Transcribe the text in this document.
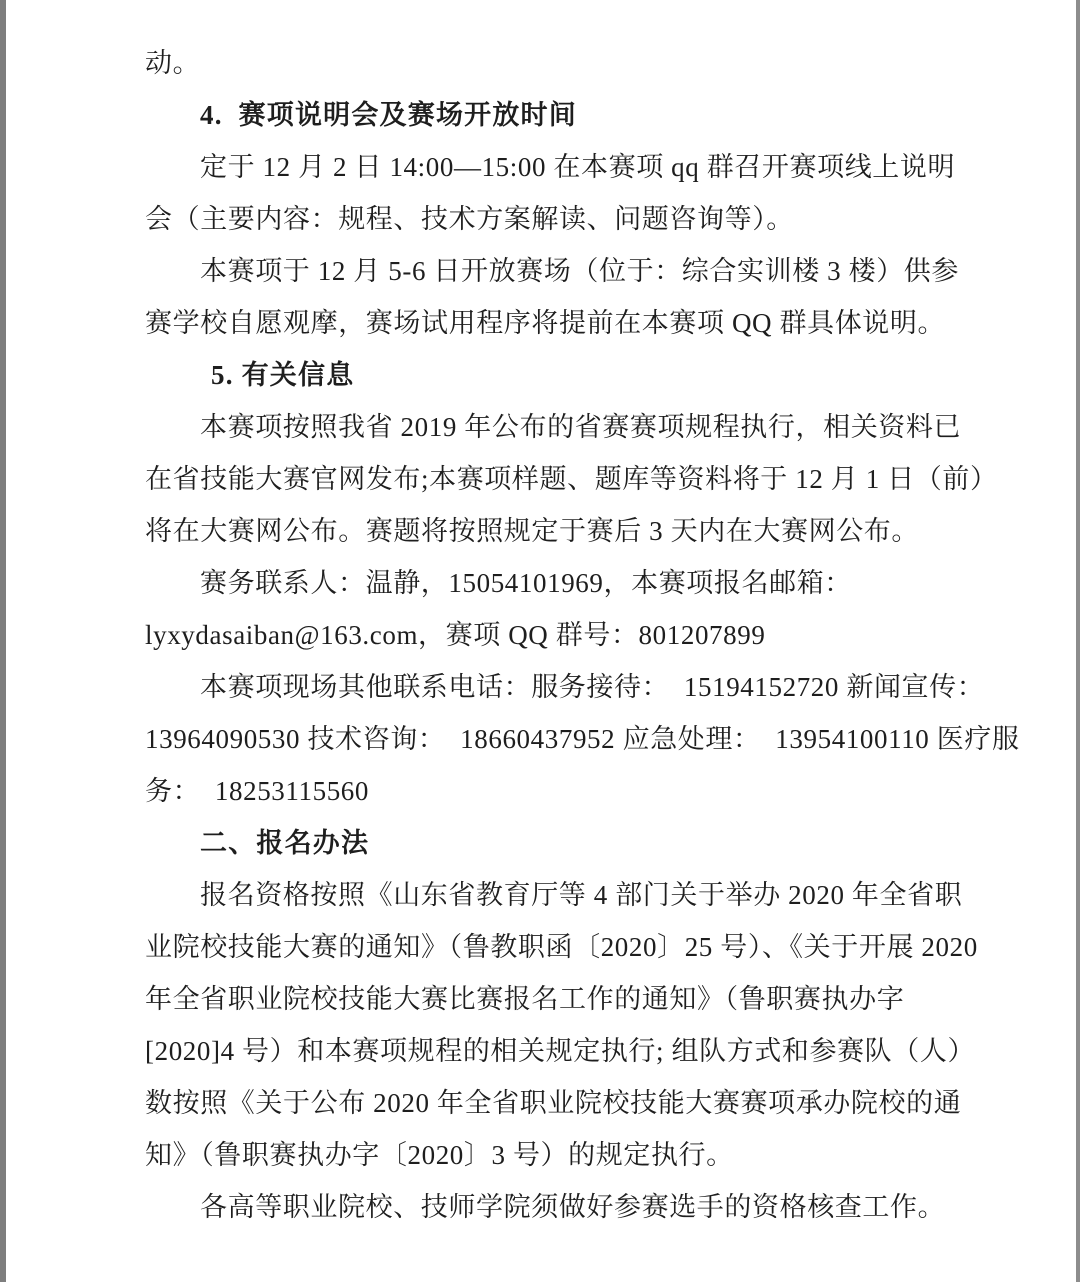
动。
4.  赛项说明会及赛场开放时间
定于 12 月 2 日 14:00—15:00 在本赛项 qq 群召开赛项线上说明
会（主要内容：规程、技术方案解读、问题咨询等）。
本赛项于 12 月 5-6 日开放赛场（位于：综合实训楼 3 楼）供参
赛学校自愿观摩，赛场试用程序将提前在本赛项 QQ 群具体说明。
5. 有关信息
本赛项按照我省 2019 年公布的省赛赛项规程执行，相关资料已
在省技能大赛官网发布;本赛项样题、题库等资料将于 12 月 1 日（前）
将在大赛网公布。赛题将按照规定于赛后 3 天内在大赛网公布。
赛务联系人：温静，15054101969，本赛项报名邮箱：
lyxydasaiban@163.com，赛项 QQ 群号：801207899
本赛项现场其他联系电话：服务接待：  15194152720 新闻宣传：
13964090530 技术咨询：  18660437952 应急处理：  13954100110 医疗服
务：  18253115560
二、报名办法
报名资格按照《山东省教育厅等 4 部门关于举办 2020 年全省职
业院校技能大赛的通知》（鲁教职函〔2020〕25 号）、《关于开展 2020
年全省职业院校技能大赛比赛报名工作的通知》（鲁职赛执办字
[2020]4 号）和本赛项规程的相关规定执行; 组队方式和参赛队（人）
数按照《关于公布 2020 年全省职业院校技能大赛赛项承办院校的通
知》（鲁职赛执办字〔2020〕3 号）的规定执行。
各高等职业院校、技师学院须做好参赛选手的资格核查工作。
